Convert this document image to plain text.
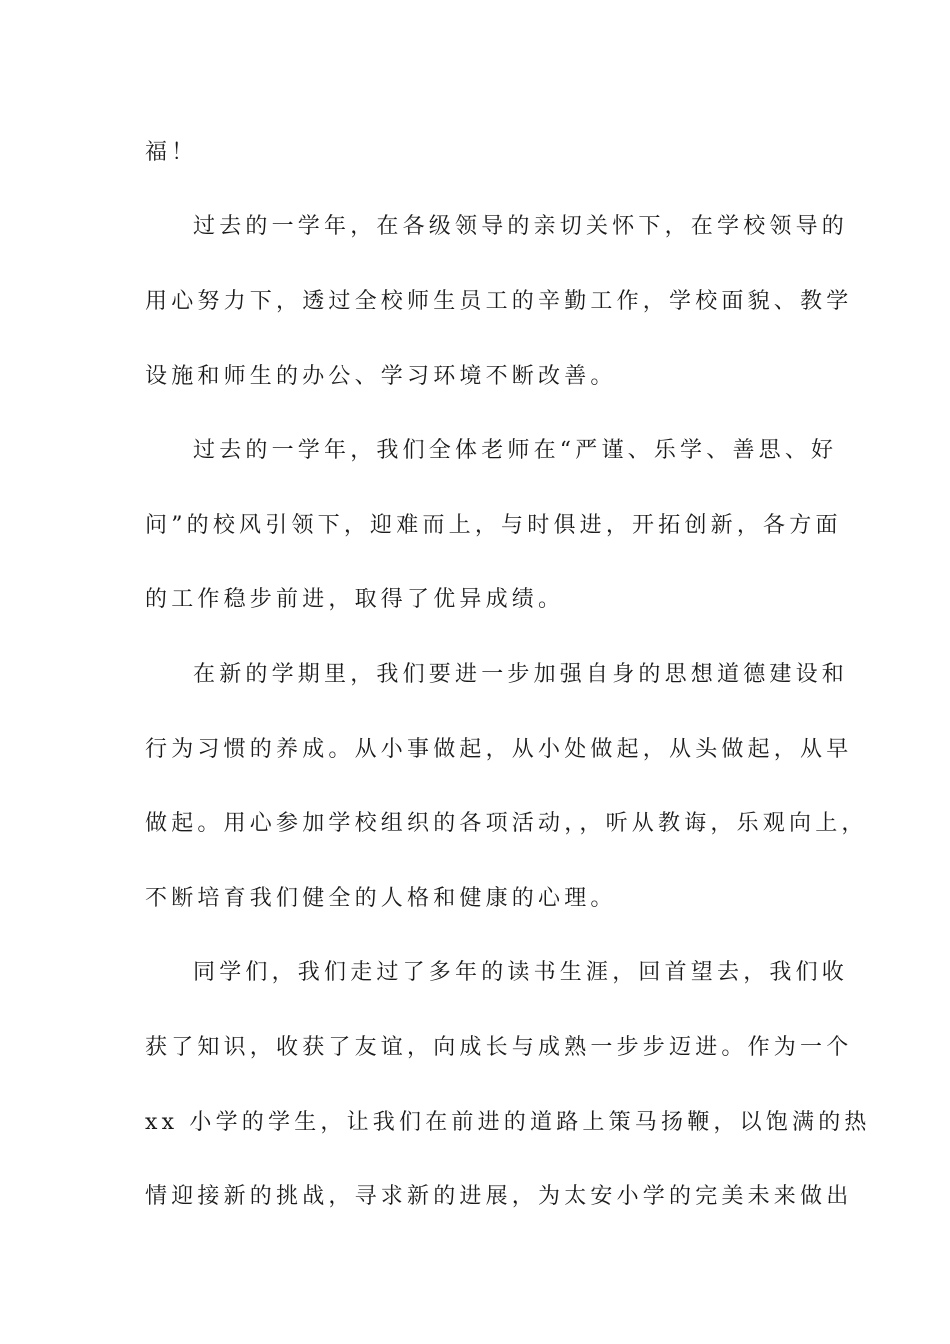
福！
过去的一学年，在各级领导的亲切关怀下，在学校领导的
用心努力下，透过全校师生员工的辛勤工作，学校面貌、教学
设施和师生的办公、学习环境不断改善。
过去的一学年，我们全体老师在“严谨、乐学、善思、好
问”的校风引领下，迎难而上，与时俱进，开拓创新，各方面
的工作稳步前进，取得了优异成绩。
在新的学期里，我们要进一步加强自身的思想道德建设和
行为习惯的养成。从小事做起，从小处做起，从头做起，从早
做起。用心参加学校组织的各项活动，，听从教诲，乐观向上，
不断培育我们健全的人格和健康的心理。
同学们，我们走过了多年的读书生涯，回首望去，我们收
获了知识，收获了友谊，向成长与成熟一步步迈进。作为一个
xx 小学的学生，让我们在前进的道路上策马扬鞭，以饱满的热
情迎接新的挑战，寻求新的进展，为太安小学的完美未来做出
